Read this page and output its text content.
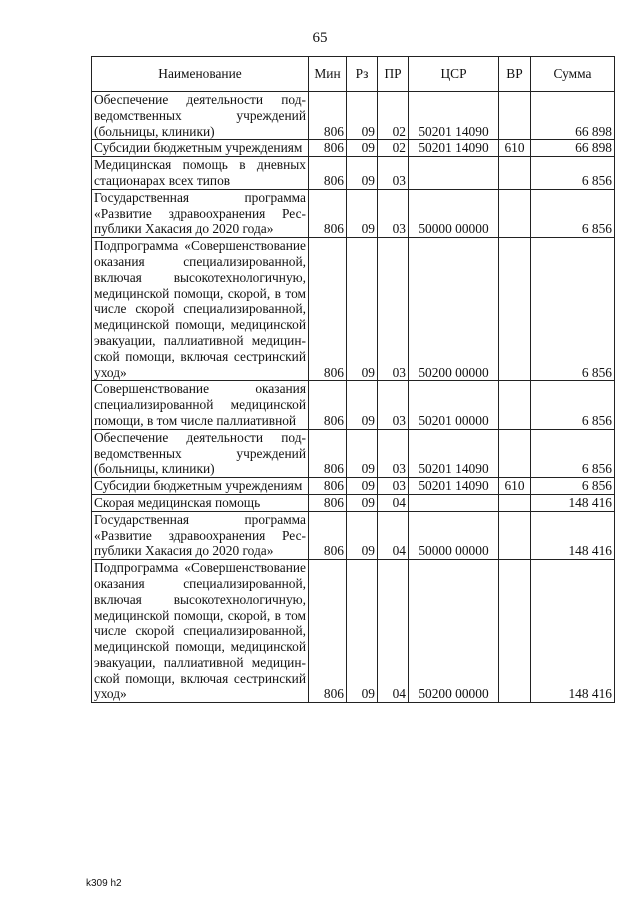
65
Наименование	Мин	Рз	ПР	ЦСР	ВР	Сумма
Обеспечение деятельности подведомственных учреждений (больницы, клиники)	806	09	02	50201 14090		66 898
Субсидии бюджетным учреждениям	806	09	02	50201 14090	610	66 898
Медицинская помощь в дневных стационарах всех типов	806	09	03			6 856
Государственная программа «Развитие здравоохранения Республики Хакасия до 2020 года»	806	09	03	50000 00000		6 856
Подпрограмма «Совершенствование оказания специализированной, включая высокотехнологичную, медицинской помощи, скорой, в том числе скорой специализированной, медицинской помощи, медицинской эвакуации, паллиативной медицинской помощи, включая сестринский уход»	806	09	03	50200 00000		6 856
Совершенствование оказания специализированной медицинской помощи, в том числе паллиативной	806	09	03	50201 00000		6 856
Обеспечение деятельности подведомственных учреждений (больницы, клиники)	806	09	03	50201 14090		6 856
Субсидии бюджетным учреждениям	806	09	03	50201 14090	610	6 856
Скорая медицинская помощь	806	09	04			148 416
Государственная программа «Развитие здравоохранения Республики Хакасия до 2020 года»	806	09	04	50000 00000		148 416
Подпрограмма «Совершенствование оказания специализированной, включая высокотехнологичную, медицинской помощи, скорой, в том числе скорой специализированной, медицинской помощи, медицинской эвакуации, паллиативной медицинской помощи, включая сестринский уход»	806	09	04	50200 00000		148 416
k309 h2
